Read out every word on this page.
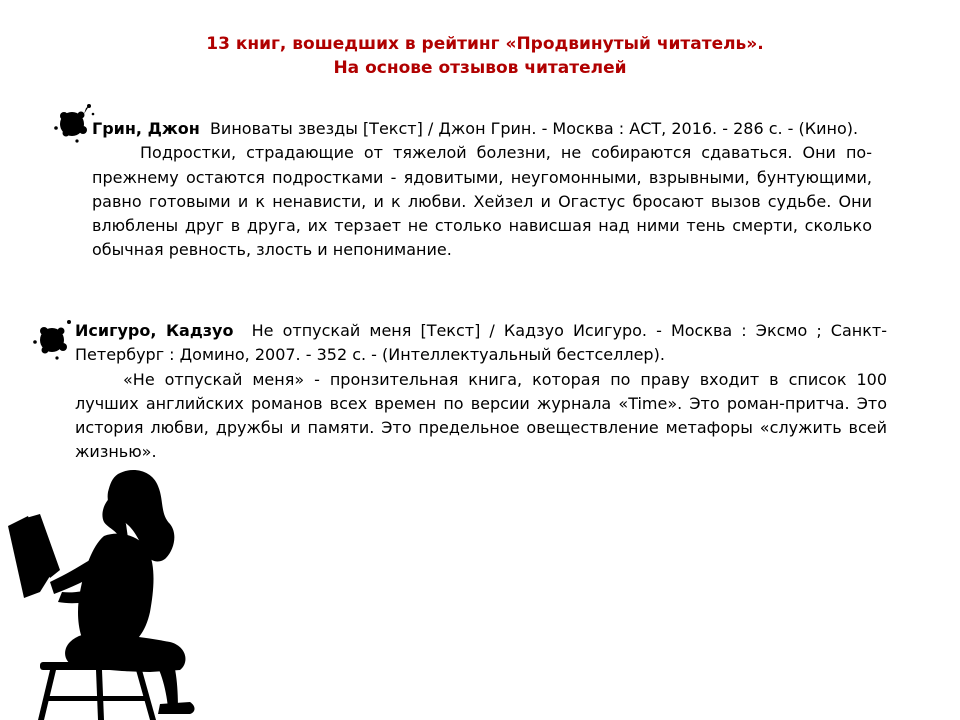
13 книг, вошедших в рейтинг «Продвинутый читатель».
На основе отзывов читателей

Грин, Джон Виноваты звезды [Текст] / Джон Грин. - Москва : АСТ, 2016. - 286 с. - (Кино).

Подростки, страдающие от тяжелой болезни, не собираются сдаваться. Они по-прежнему остаются подростками - ядовитыми, неугомонными, взрывными, бунтующими, равно готовыми и к ненависти, и к любви. Хейзел и Огастус бросают вызов судьбе. Они влюблены друг в друга, их терзает не столько нависшая над ними тень смерти, сколько обычная ревность, злость и непонимание.

Исигуро, Кадзуо Не отпускай меня [Текст] / Кадзуо Исигуро. - Москва : Эксмо ; Санкт-Петербург : Домино, 2007. - 352 с. - (Интеллектуальный бестселлер).

«Не отпускай меня» - пронзительная книга, которая по праву входит в список 100 лучших английских романов всех времен по версии журнала «Time». Это роман-притча. Это история любви, дружбы и памяти. Это предельное овеществление метафоры «служить всей жизнью».
